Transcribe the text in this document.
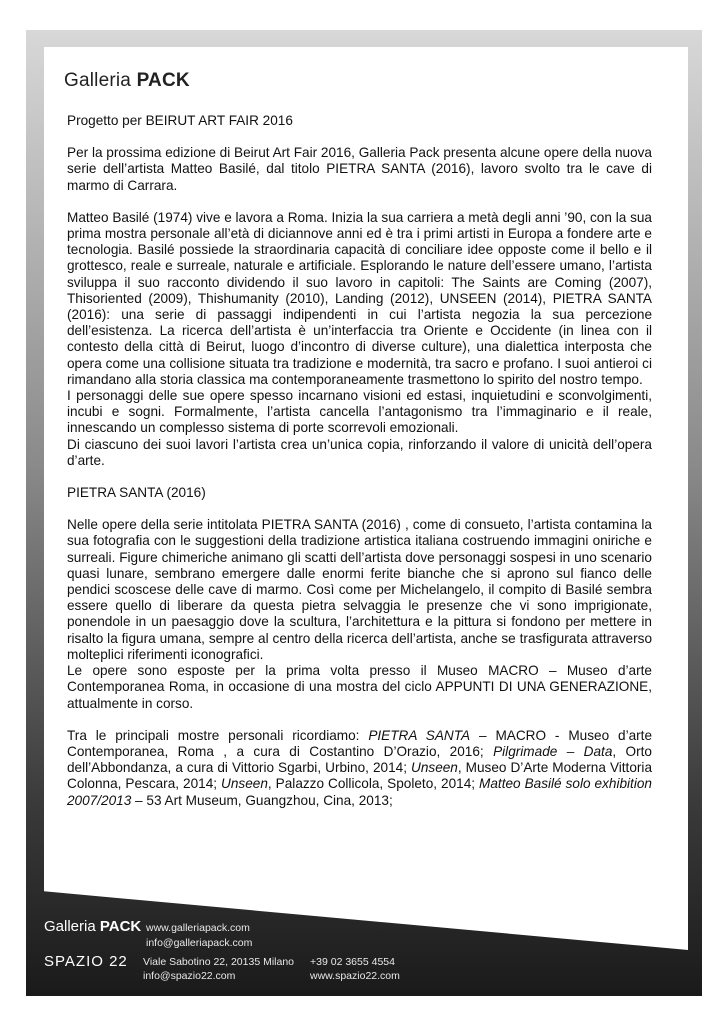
Galleria PACK

Progetto per BEIRUT ART FAIR 2016

Per la prossima edizione di Beirut Art Fair 2016, Galleria Pack presenta alcune opere della nuova serie dell’artista Matteo Basilé, dal titolo PIETRA SANTA (2016), lavoro svolto tra le cave di marmo di Carrara.

Matteo Basilé (1974) vive e lavora a Roma. Inizia la sua carriera a metà degli anni ’90, con la sua prima mostra personale all’età di diciannove anni ed è tra i primi artisti in Europa a fondere arte e tecnologia. Basilé possiede la straordinaria capacità di conciliare idee opposte come il bello e il grottesco, reale e surreale, naturale e artificiale. Esplorando le nature dell’essere umano, l’artista sviluppa il suo racconto dividendo il suo lavoro in capitoli: The Saints are Coming (2007), Thisoriented (2009), Thishumanity (2010), Landing (2012), UNSEEN (2014), PIETRA SANTA (2016): una serie di passaggi indipendenti in cui l’artista negozia la sua percezione dell’esistenza. La ricerca dell’artista è un’interfaccia tra Oriente e Occidente (in linea con il contesto della città di Beirut, luogo d’incontro di diverse culture), una dialettica interposta che opera come una collisione situata tra tradizione e modernità, tra sacro e profano. I suoi antieroi ci rimandano alla storia classica ma contemporaneamente trasmettono lo spirito del nostro tempo.

I personaggi delle sue opere spesso incarnano visioni ed estasi, inquietudini e sconvolgimenti, incubi e sogni. Formalmente, l’artista cancella l’antagonismo tra l’immaginario e il reale, innescando un complesso sistema di porte scorrevoli emozionali.

Di ciascuno dei suoi lavori l’artista crea un’unica copia, rinforzando il valore di unicità dell’opera d’arte.

PIETRA SANTA (2016)

Nelle opere della serie intitolata PIETRA SANTA (2016) , come di consueto, l’artista contamina la sua fotografia con le suggestioni della tradizione artistica italiana costruendo immagini oniriche e surreali. Figure chimeriche animano gli scatti dell’artista dove personaggi sospesi in uno scenario quasi lunare, sembrano emergere dalle enormi ferite bianche che si aprono sul fianco delle pendici scoscese delle cave di marmo. Così come per Michelangelo, il compito di Basilé sembra essere quello di liberare da questa pietra selvaggia le presenze che vi sono imprigionate, ponendole in un paesaggio dove la scultura, l’architettura e la pittura si fondono per mettere in risalto la figura umana, sempre al centro della ricerca dell’artista, anche se trasfigurata attraverso molteplici riferimenti iconografici.

Le opere sono esposte per la prima volta presso il Museo MACRO – Museo d’arte Contemporanea Roma, in occasione di una mostra del ciclo APPUNTI DI UNA GENERAZIONE, attualmente in corso.

Tra le principali mostre personali ricordiamo: PIETRA SANTA – MACRO - Museo d’arte Contemporanea, Roma , a cura di Costantino D’Orazio, 2016; Pilgrimade – Data, Orto dell’Abbondanza, a cura di Vittorio Sgarbi, Urbino, 2014; Unseen, Museo D’Arte Moderna Vittoria Colonna, Pescara, 2014; Unseen, Palazzo Collicola, Spoleto, 2014; Matteo Basilé solo exhibition 2007/2013 – 53 Art Museum, Guangzhou, Cina, 2013;

Galleria PACK www.galleriapack.com
info@galleriapack.com
SPAZIO 22 Viale Sabotino 22, 20135 Milano +39 02 3655 4554
info@spazio22.com	www.spazio22.com
